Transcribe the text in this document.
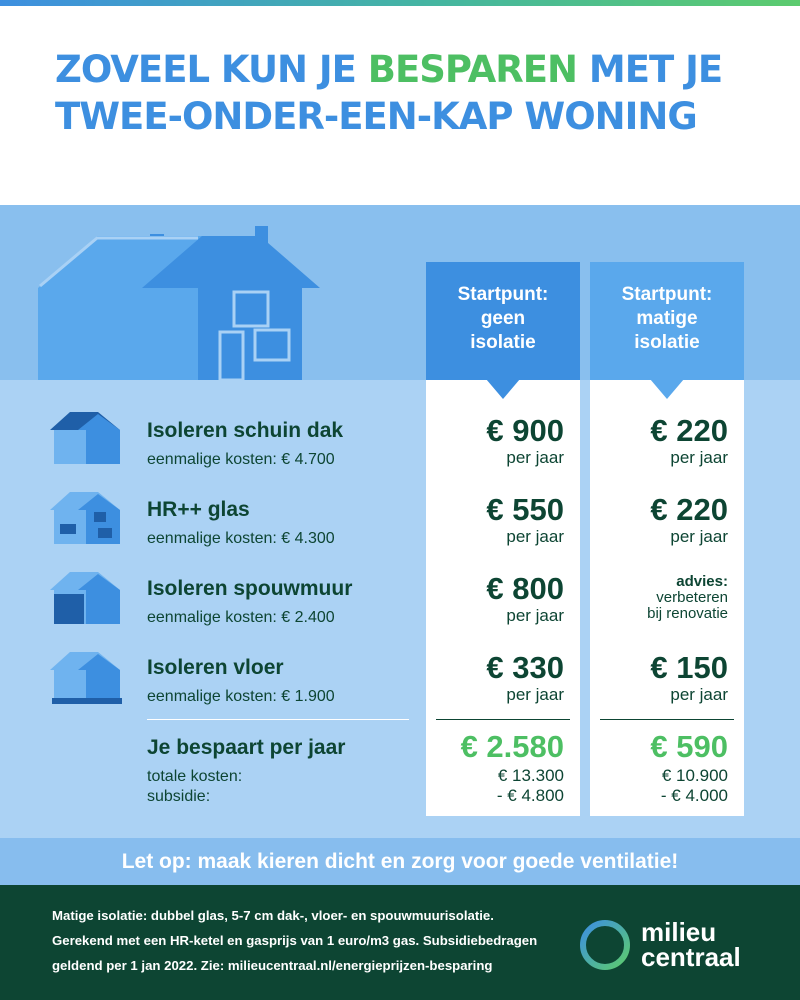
ZOVEEL KUN JE BESPAREN MET JE TWEE-ONDER-EEN-KAP WONING
Startpunt:
geen
isolatie
€ 900
per jaar
€ 550
per jaar
€ 800
per jaar
€ 330
per jaar
€ 2.580
€ 13.300
- € 4.800
Startpunt:
matige
isolatie
€ 220
per jaar
€ 220
per jaar
advies:
verbeteren
bij renovatie
€ 150
per jaar
€ 590
€ 10.900
- € 4.000
Isoleren schuin dak
eenmalige kosten: € 4.700
HR++ glas
eenmalige kosten: € 4.300
Isoleren spouwmuur
eenmalige kosten: € 2.400
Isoleren vloer
eenmalige kosten: € 1.900
Je bespaart per jaar
totale kosten:
subsidie:
Let op: maak kieren dicht en zorg voor goede ventilatie!
Matige isolatie: dubbel glas, 5-7 cm dak-, vloer- en spouwmuurisolatie.
Gerekend met een HR-ketel en gasprijs van 1 euro/m3 gas. Subsidiebedragen
geldend per 1 jan 2022. Zie: milieucentraal.nl/energieprijzen-besparing
milieu
centraal
